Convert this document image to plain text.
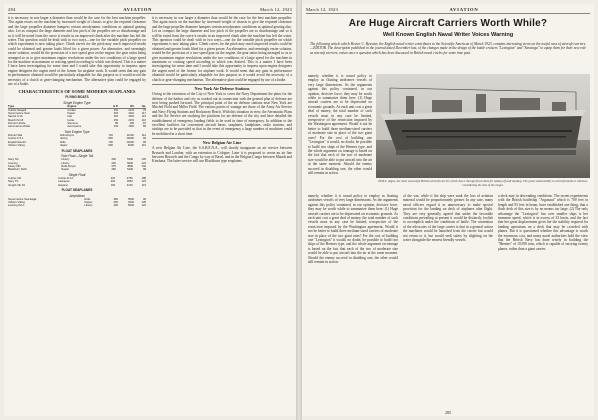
284	AVIATION	March 12, 1923

it is necessary in war larger a diameter than would be the case for the best machine propeller. This again reacts on the machine by increased weight of chassis to give the required clearance and the large propeller diameter hampers certain aerodynamic conditions as optimal gearing also. Let us compact the large diameter and low pitch of the propeller are so disadvantage and so it will be noted from the curve it results in an improved climb after the machine has left the water. This question could be dealt with in two ways—one for the variable pitch propeller on which experiment is now taking place. Climb curves for the pitch may reach improved results could be obtained and greater loads lifted for a given power. An alternative, and seemingly easier solution, would be the provision of a two-speed gear on the engine, the gear ratios being arranged so as to give maximum engine revolutions under the two conditions of a large speed for the machine in maximum or cruising speed according to which was desired. This is a matter I have been investigating for some time and I would take this opportunity to impress upon engine designers the urgent need of the former for airplane work. It would seem that any gain in performance obtained would be particularly adaptable for this purpose as it would avoid the necessity of a clutch or gear-changing mechanism. The alternative plan could be engaged by use of a brake.

CHARACTERISTICS OF SOME MODERN SEAPLANES
FLYING BOATS
Single Engine Type
Type	Engine	H.P.	Wt.	Sp.
Curtiss Seagull	Curtiss	150	2100	79
Supermarine Seal	Napier	450	4400	117
Savoia S.16	Fiat	300	3300	115
Macchi M.18	Isotta	250	2450	116
Dornier Libelle	Siemens	80	990	87
Aeromarine Model	Aeromarine	100	1650	85
Twin Engine Type
Dornier Wal	Rolls-Royce	720	11000	112
Curtiss F-5-L	Liberty	800	13600	90
English Electric	Rolls	700	12000	95
Vickers Viking	Napier	900	6000	110
FLOAT SEAPLANES
Twin Float—Single Tail
Navy NC	Liberty	400	5330	105
Loening	Liberty	400	5000	124
Fairey IIID	Rolls-Royce	375	4800	100
Blackburn Swift	Napier	450	5400	98
Single Float
Curtiss CR	Curtiss D-12	400	2750	188
Navy TS	Lawrance	200	1850	123
Vought VE-7H	Hispano	180	2100	115
FLOAT SEAPLANES
Amphibian
Supermarine Sea Eagle	Rolls	360	5500	96
Vickers Viking	Napier	450	4500	105
Loening OA-1	Liberty	400	5000	122

it is necessary in war larger a diameter than would be the case for the best machine propeller. This again reacts on the machine by increased weight of chassis to give the required clearance and the large propeller diameter hampers certain aerodynamic conditions as optimal gearing also. Let us compact the large diameter and low pitch of the propeller are so disadvantage and so it will be noted from the curve it results in an improved climb after the machine has left the water. This question could be dealt with in two ways—one for the variable pitch propeller on which experiment is now taking place. Climb curves for the pitch may reach improved results could be obtained and greater loads lifted for a given power. An alternative, and seemingly easier solution, would be the provision of a two-speed gear on the engine, the gear ratios being arranged so as to give maximum engine revolutions under the two conditions of a large speed for the machine in maximum or cruising speed according to which was desired. This is a matter I have been investigating for some time and I would take this opportunity to impress upon engine designers the urgent need of the former for airplane work. It would seem that any gain in performance obtained would be particularly adaptable for this purpose as it would avoid the necessity of a clutch or gear-changing mechanism. The alternative plan could be engaged by use of a brake.

New York Air Defense Stations

Owing to the extension of the City of New York to cover the Navy Department the plans for the defense of the harbor and city as worked out in connection with the general plan of defense are now being pushed forward. The principal point of the air defense stations near New York are Mitchel Field and Miller Field. The various points of vantage are those of the Army Air Service and Navy Flying Stations and Rockaway Beach. With this situation in view, the Aeronautic Plans and the Air Service are studying the positions for air defense of the city and have detailed the establishment of emergency landing fields to be used in time of emergency. In addition to the excellent facilities for convenient aircraft bases, seaplanes, landplanes, radio stations, and airships are to be provided so that in the event of emergency a large number of machines could be mobilized in a short time.

New Belgian Air Line

A new Belgian Air Line, the S.A.B.E.N.A., will shortly inaugurate an air service between Brussels and London, with an extension to Cologne. Later it is proposed to create an air line between Brussels and the Congo by way of Basel, and in the Belgian Congo between Matadi and Kinshasa. The latter service will use Blackburn type seaplanes.

March 12, 1923	AVIATION
Are Huge Aircraft Carriers Worth While?
Well Known English Naval Writer Voices Warning

The following article which Hector C. Bywater, the English naval writer contributes to the Scientific American of March 1923, contains interesting views on the useful ness of aircraft carriers.—EDITOR. The description published in the journal dated December last, of the changes made in the design of the battle cruisers "Lexington" and "Saratoga" to equip them for their new role as aircraft carriers, raises once a question which has been discussed in British naval circles for some time past.

namely, whether it is sound policy to employ as floating airdromes vessels of very large dimensions. As the arguments against this policy contained, in our opinion, decisive force, they may be worth while to summarize them here. (1) Huge aircraft carriers are to be deprecated on economic grounds. As each unit cost a great deal of money, the total number of such vessels must in any case be limited, irrespective of the restriction imposed by the Washington agreement. Would it not be better to build three medium-sized carriers of moderate size in place of the two giant ones? For the cost of building one "Lexington" it would, no doubt, be possible to build two ships of the Hermes type, and the whole argument on tonnage is based on the fact that each of the two of moderate size would be able to put aircraft into the air at the same moment. Should the enemy succeed in disabling one, the other would still remain in action.

H.M.S. Argus, the most successful British aircraft carrier, which has a through flush deck for taking off and landing. The great vulnerability to aircraft bombs is obvious, considering the size of the target.

namely, whether it is sound policy to employ as floating airdromes vessels of very large dimensions. As the arguments against this policy contained, in our opinion, decisive force, they may be worth while to summarize them here. (1) Huge aircraft carriers are to be deprecated on economic grounds. As each unit cost a great deal of money, the total number of such vessels must in any case be limited, irrespective of the restriction imposed by the Washington agreement. Would it not be better to build three medium-sized carriers of moderate size in place of the two giant ones? For the cost of building one "Lexington" it would, no doubt, be possible to build two ships of the Hermes type, and the whole argument on tonnage is based on the fact that each of the two of moderate size would be able to put aircraft into the air at the same moment. Should the enemy succeed in disabling one, the other would still remain in action.

of the war, while if the ship were sunk the loss of aviation material would be proportionately greater. In any case, many naval officers regard it as unnecessary to make special provision for the landing on deck of airplanes after flight. They are very generally agreed that under the favorable conditions prevailing at present it would be distinctly foolish to accomplish under the conditions of battle. The contention of the advocates of the large carrier is that in a general action the machines would be launched from the carrier but would not return to it, but would seek safety by alighting on the water alongside the nearest friendly vessels.

a deck may in descending conditions. The recent experiments with the British battleship "Argonaut" which is 700 feet in length and 93 feet in beam, have established one thing, that a flush deck of this size is by no means too large. (2) The only advantage the "Lexington" has over smaller ships is her immense speed, which is in excess of 33 knots, and the fact that her great displacement gives her the stability required for landing operations on a deck that may be crowded with planes. But it is questioned whether this advantage is worth the enormous cost, and many naval authorities hold the view that the British Navy has done wisely in building the "Hermes" of 10,950 tons, which is capable of carrying twenty planes, rather than a giant carrier.

285
